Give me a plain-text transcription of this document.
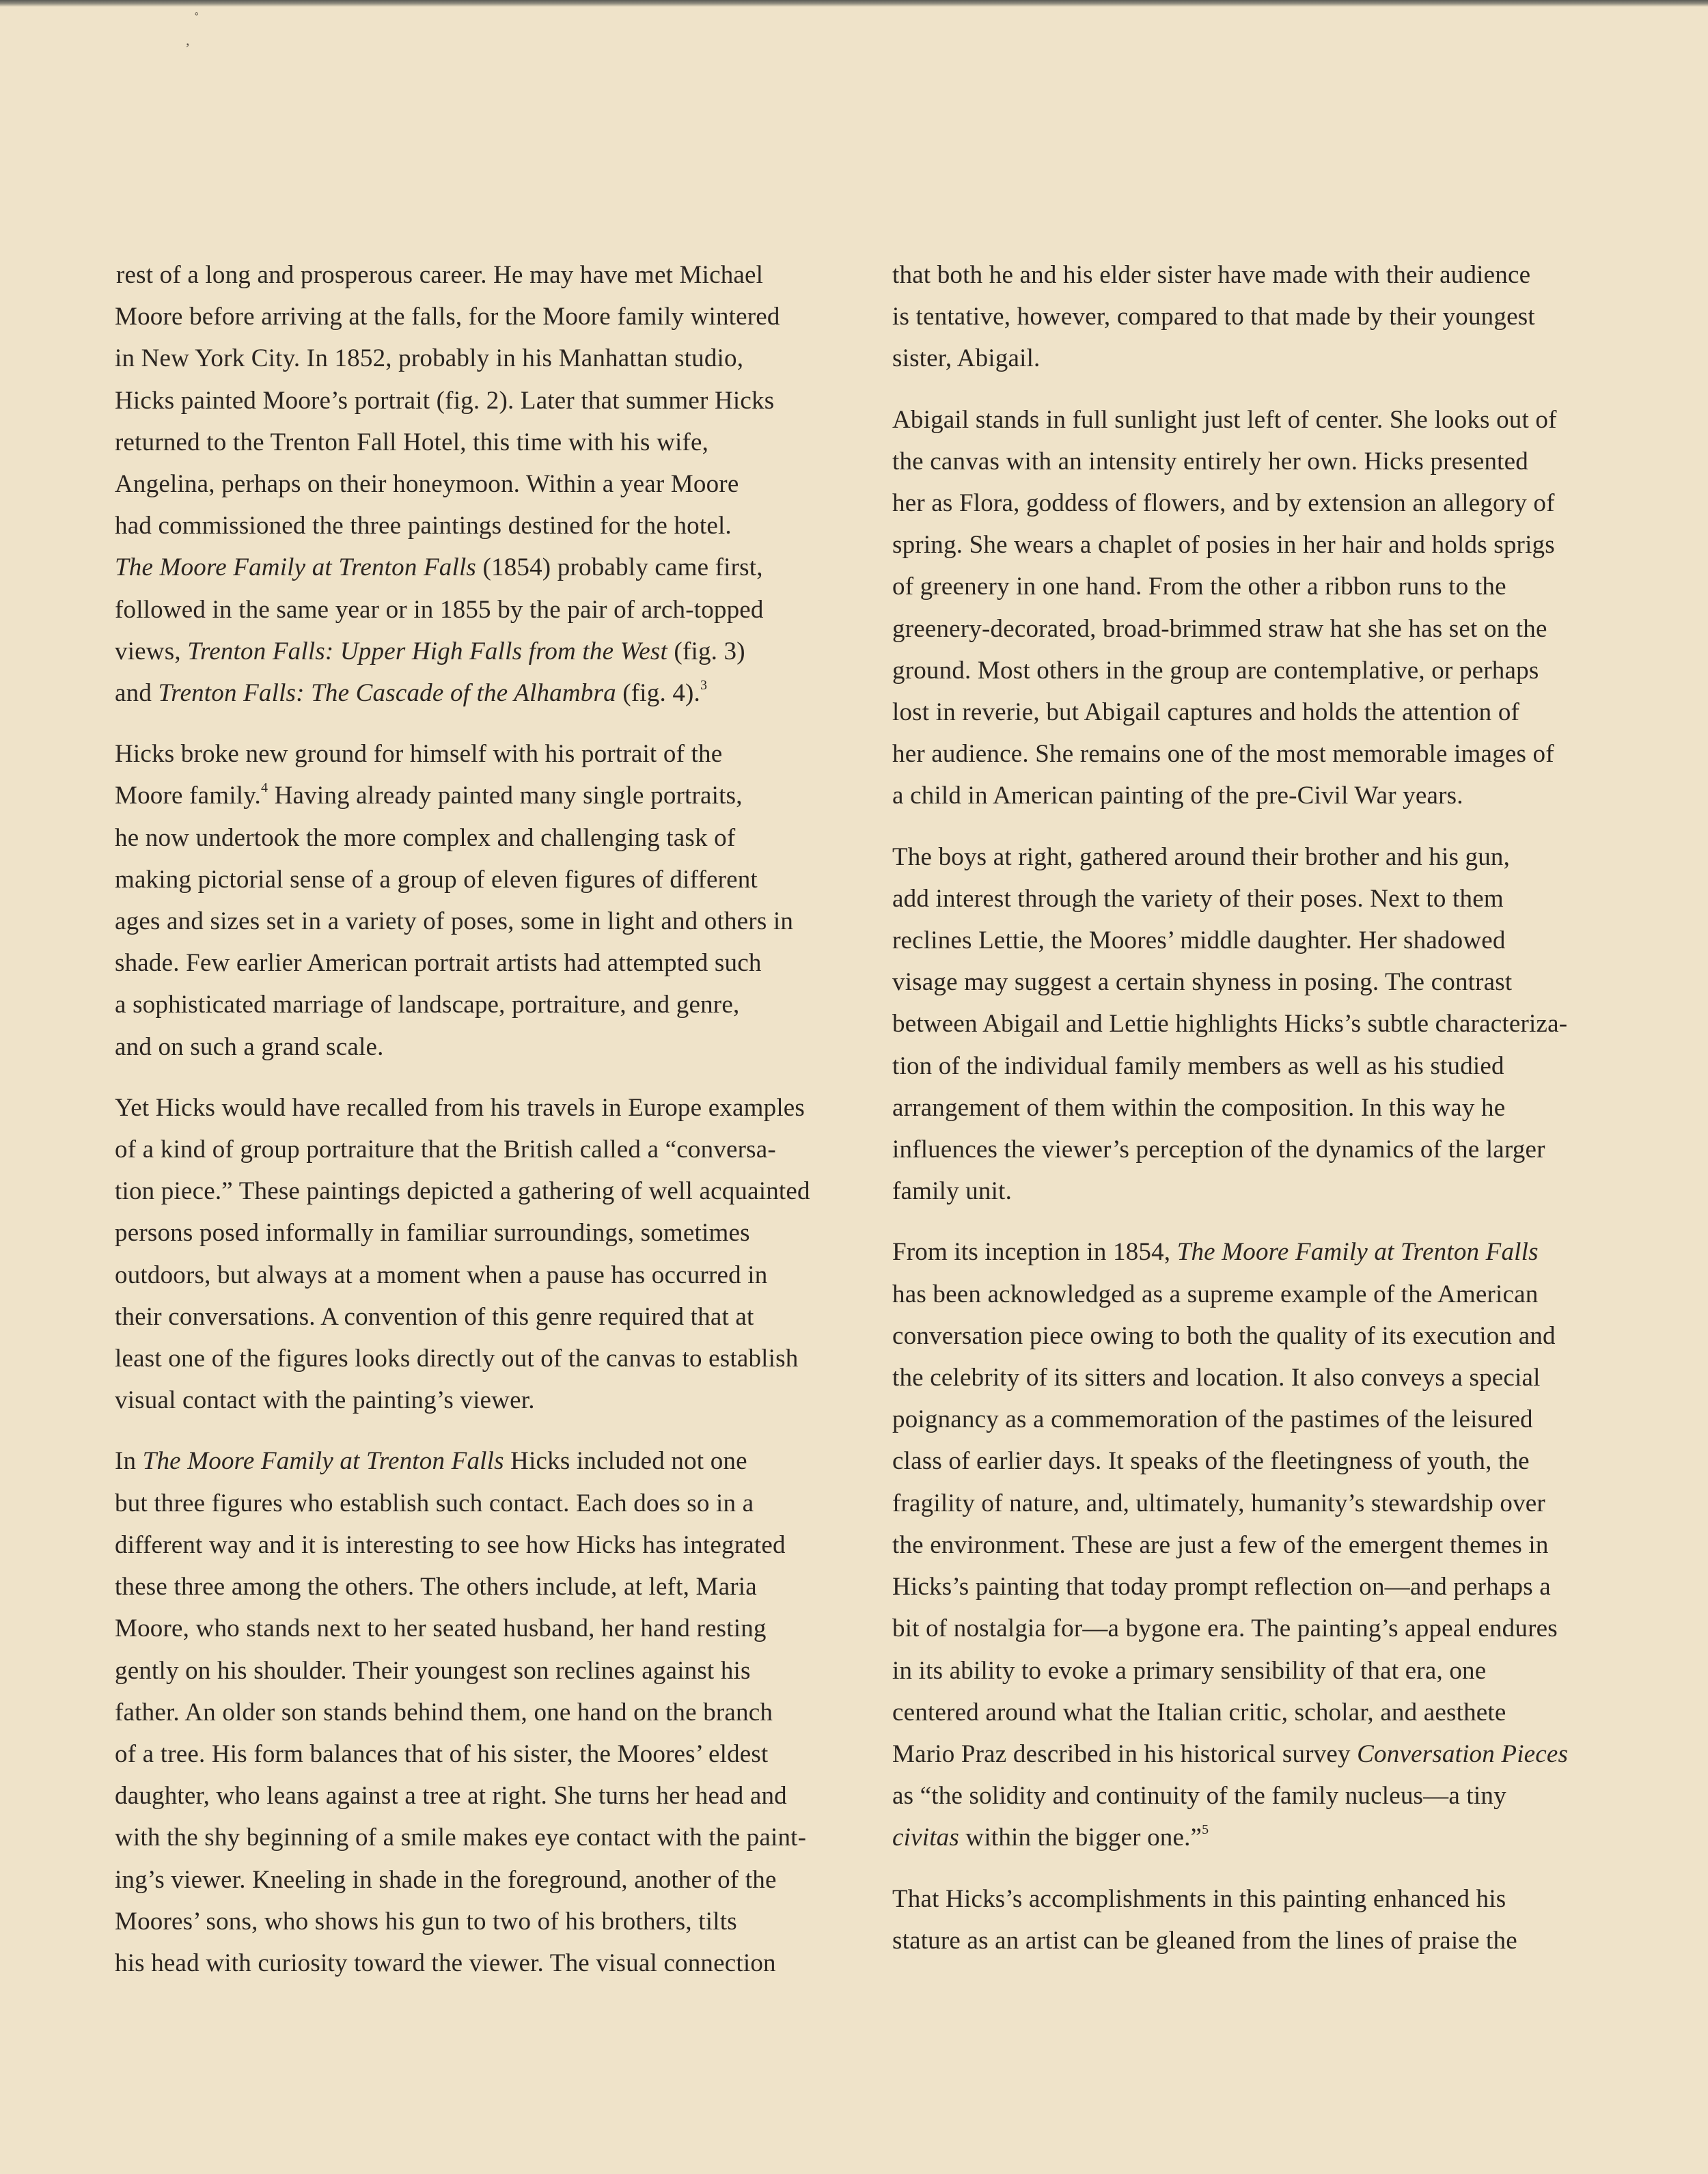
˚
,

rest of a long and prosperous career. He may have met Michael
Moore before arriving at the falls, for the Moore family wintered
in New York City. In 1852, probably in his Manhattan studio,
Hicks painted Moore’s portrait (fig. 2). Later that summer Hicks
returned to the Trenton Fall Hotel, this time with his wife,
Angelina, perhaps on their honeymoon. Within a year Moore
had commissioned the three paintings destined for the hotel.
The Moore Family at Trenton Falls (1854) probably came first,
followed in the same year or in 1855 by the pair of arch-topped
views, Trenton Falls: Upper High Falls from the West (fig. 3)
and Trenton Falls: The Cascade of the Alhambra (fig. 4).$^3$

Hicks broke new ground for himself with his portrait of the
Moore family.$^4$ Having already painted many single portraits,
he now undertook the more complex and challenging task of
making pictorial sense of a group of eleven figures of different
ages and sizes set in a variety of poses, some in light and others in
shade. Few earlier American portrait artists had attempted such
a sophisticated marriage of landscape, portraiture, and genre,
and on such a grand scale.

Yet Hicks would have recalled from his travels in Europe examples
of a kind of group portraiture that the British called a “conversa-
tion piece.” These paintings depicted a gathering of well acquainted
persons posed informally in familiar surroundings, sometimes
outdoors, but always at a moment when a pause has occurred in
their conversations. A convention of this genre required that at
least one of the figures looks directly out of the canvas to establish
visual contact with the painting’s viewer.

In The Moore Family at Trenton Falls Hicks included not one
but three figures who establish such contact. Each does so in a
different way and it is interesting to see how Hicks has integrated
these three among the others. The others include, at left, Maria
Moore, who stands next to her seated husband, her hand resting
gently on his shoulder. Their youngest son reclines against his
father. An older son stands behind them, one hand on the branch
of a tree. His form balances that of his sister, the Moores’ eldest
daughter, who leans against a tree at right. She turns her head and
with the shy beginning of a smile makes eye contact with the paint-
ing’s viewer. Kneeling in shade in the foreground, another of the
Moores’ sons, who shows his gun to two of his brothers, tilts
his head with curiosity toward the viewer. The visual connection

that both he and his elder sister have made with their audience
is tentative, however, compared to that made by their youngest
sister, Abigail.

Abigail stands in full sunlight just left of center. She looks out of
the canvas with an intensity entirely her own. Hicks presented
her as Flora, goddess of flowers, and by extension an allegory of
spring. She wears a chaplet of posies in her hair and holds sprigs
of greenery in one hand. From the other a ribbon runs to the
greenery-decorated, broad-brimmed straw hat she has set on the
ground. Most others in the group are contemplative, or perhaps
lost in reverie, but Abigail captures and holds the attention of
her audience. She remains one of the most memorable images of
a child in American painting of the pre-Civil War years.

The boys at right, gathered around their brother and his gun,
add interest through the variety of their poses. Next to them
reclines Lettie, the Moores’ middle daughter. Her shadowed
visage may suggest a certain shyness in posing. The contrast
between Abigail and Lettie highlights Hicks’s subtle characteriza-
tion of the individual family members as well as his studied
arrangement of them within the composition. In this way he
influences the viewer’s perception of the dynamics of the larger
family unit.

From its inception in 1854, The Moore Family at Trenton Falls
has been acknowledged as a supreme example of the American
conversation piece owing to both the quality of its execution and
the celebrity of its sitters and location. It also conveys a special
poignancy as a commemoration of the pastimes of the leisured
class of earlier days. It speaks of the fleetingness of youth, the
fragility of nature, and, ultimately, humanity’s stewardship over
the environment. These are just a few of the emergent themes in
Hicks’s painting that today prompt reflection on—and perhaps a
bit of nostalgia for—a bygone era. The painting’s appeal endures
in its ability to evoke a primary sensibility of that era, one
centered around what the Italian critic, scholar, and aesthete
Mario Praz described in his historical survey Conversation Pieces
as “the solidity and continuity of the family nucleus—a tiny
civitas within the bigger one.”$^5$

That Hicks’s accomplishments in this painting enhanced his
stature as an artist can be gleaned from the lines of praise the
